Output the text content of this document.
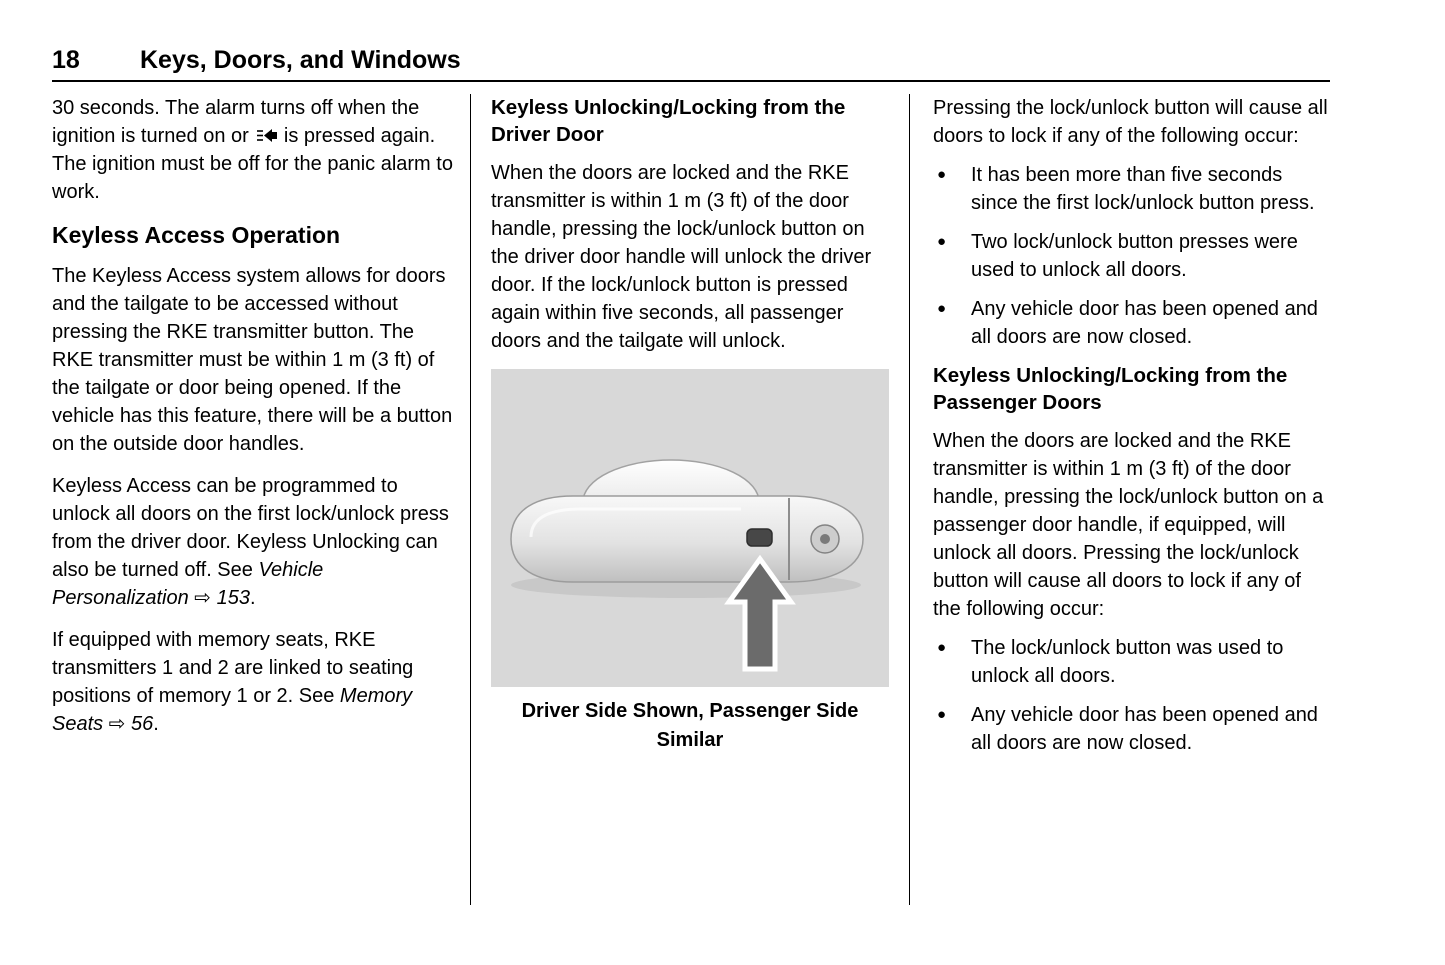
18 Keys, Doors, and Windows

30 seconds. The alarm turns off when the ignition is turned on or is pressed again. The ignition must be off for the panic alarm to work.

Keyless Access Operation

The Keyless Access system allows for doors and the tailgate to be accessed without pressing the RKE transmitter button. The RKE transmitter must be within 1 m (3 ft) of the tailgate or door being opened. If the vehicle has this feature, there will be a button on the outside door handles.

Keyless Access can be programmed to unlock all doors on the first lock/unlock press from the driver door. Keyless Unlocking can also be turned off. See Vehicle Personalization ⇨ 153.

If equipped with memory seats, RKE transmitters 1 and 2 are linked to seating positions of memory 1 or 2. See Memory Seats ⇨ 56.

Keyless Unlocking/Locking from the Driver Door

When the doors are locked and the RKE transmitter is within 1 m (3 ft) of the door handle, pressing the lock/unlock button on the driver door handle will unlock the driver door. If the lock/unlock button is pressed again within five seconds, all passenger doors and the tailgate will unlock.

Driver Side Shown, Passenger Side Similar

Pressing the lock/unlock button will cause all doors to lock if any of the following occur:

● It has been more than five seconds since the first lock/unlock button press.
● Two lock/unlock button presses were used to unlock all doors.
● Any vehicle door has been opened and all doors are now closed.
Keyless Unlocking/Locking from the Passenger Doors

When the doors are locked and the RKE transmitter is within 1 m (3 ft) of the door handle, pressing the lock/unlock button on a passenger door handle, if equipped, will unlock all doors. Pressing the lock/unlock button will cause all doors to lock if any of the following occur:

● The lock/unlock button was used to unlock all doors.
● Any vehicle door has been opened and all doors are now closed.
